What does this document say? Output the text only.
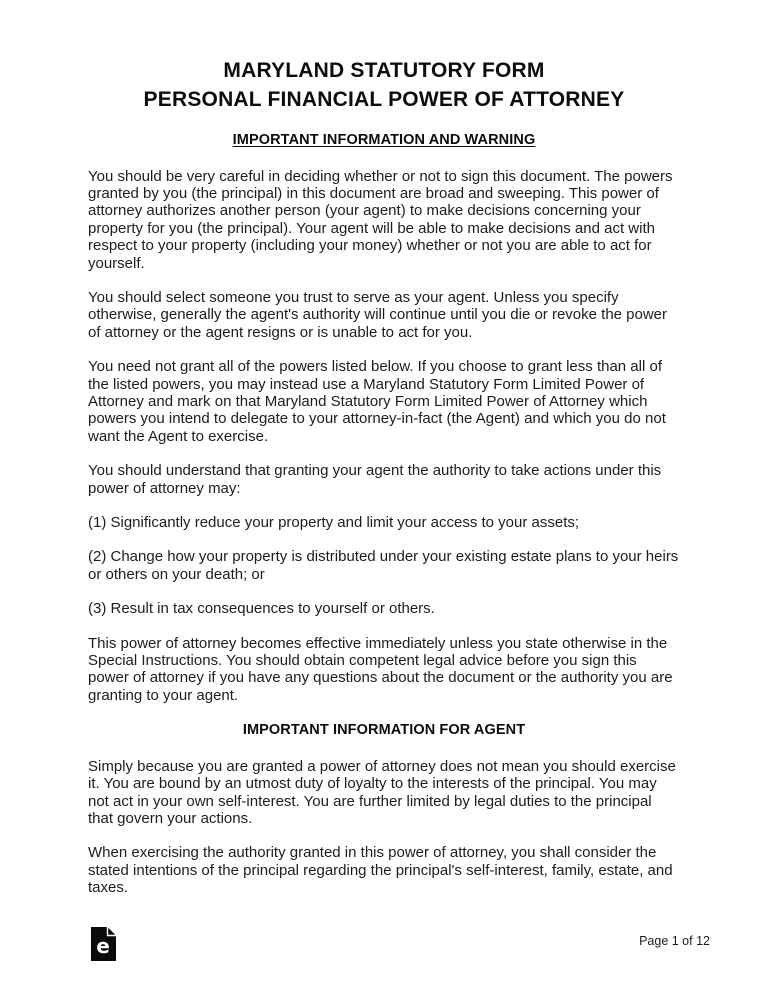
MARYLAND STATUTORY FORM
PERSONAL FINANCIAL POWER OF ATTORNEY
IMPORTANT INFORMATION AND WARNING

You should be very careful in deciding whether or not to sign this document. The powers granted by you (the principal) in this document are broad and sweeping. This power of attorney authorizes another person (your agent) to make decisions concerning your property for you (the principal). Your agent will be able to make decisions and act with respect to your property (including your money) whether or not you are able to act for yourself.

You should select someone you trust to serve as your agent. Unless you specify otherwise, generally the agent's authority will continue until you die or revoke the power of attorney or the agent resigns or is unable to act for you.

You need not grant all of the powers listed below. If you choose to grant less than all of the listed powers, you may instead use a Maryland Statutory Form Limited Power of Attorney and mark on that Maryland Statutory Form Limited Power of Attorney which powers you intend to delegate to your attorney-in-fact (the Agent) and which you do not want the Agent to exercise.

You should understand that granting your agent the authority to take actions under this power of attorney may:

(1) Significantly reduce your property and limit your access to your assets;

(2) Change how your property is distributed under your existing estate plans to your heirs or others on your death; or

(3) Result in tax consequences to yourself or others.

This power of attorney becomes effective immediately unless you state otherwise in the Special Instructions. You should obtain competent legal advice before you sign this power of attorney if you have any questions about the document or the authority you are granting to your agent.

IMPORTANT INFORMATION FOR AGENT

Simply because you are granted a power of attorney does not mean you should exercise it. You are bound by an utmost duty of loyalty to the interests of the principal. You may not act in your own self-interest. You are further limited by legal duties to the principal that govern your actions.

When exercising the authority granted in this power of attorney, you shall consider the stated intentions of the principal regarding the principal's self-interest, family, estate, and taxes.

e	Page 1 of 12
